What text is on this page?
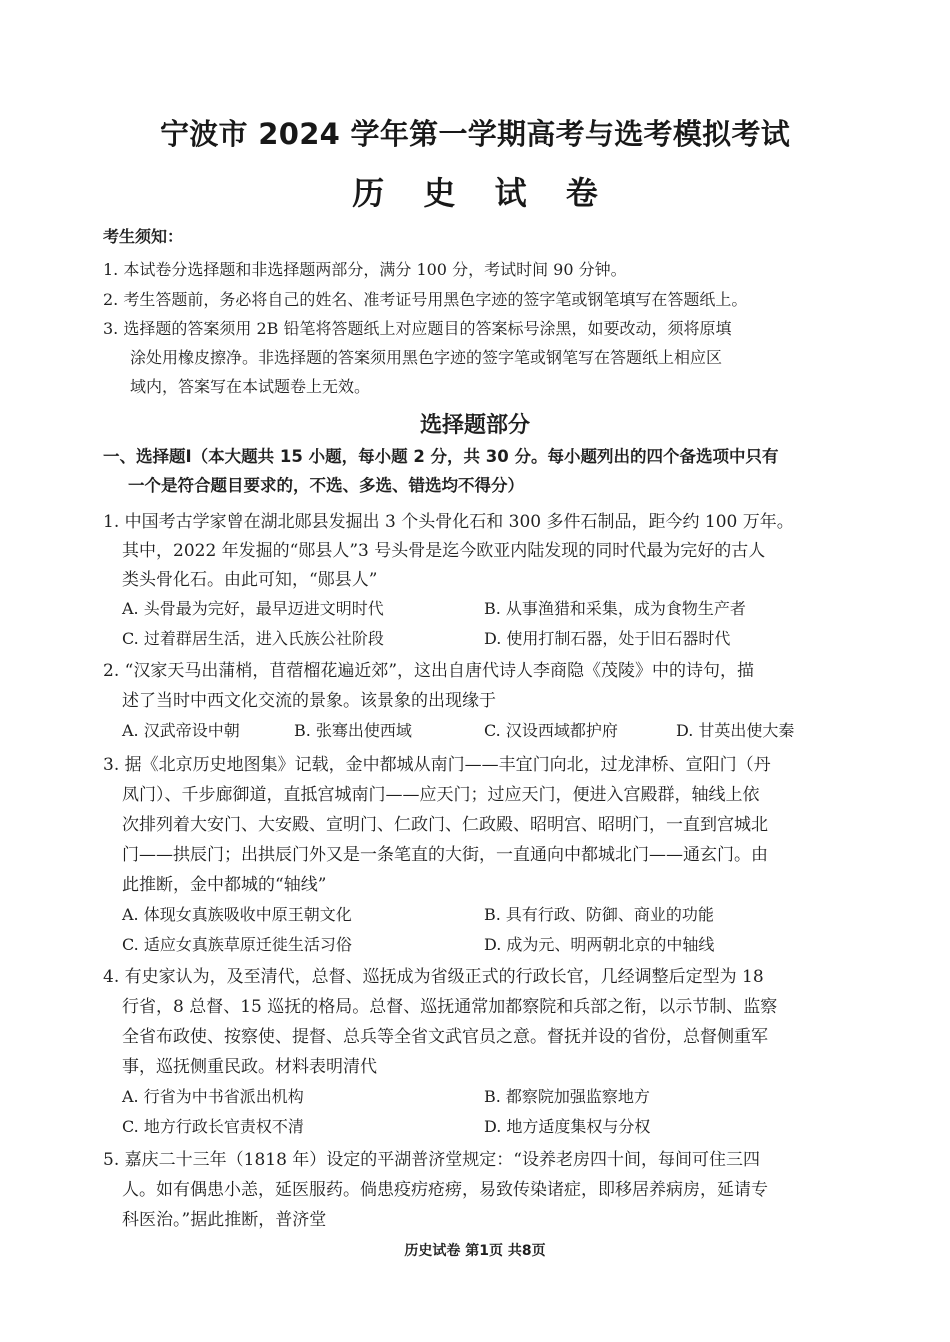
宁波市 2024 学年第一学期高考与选考模拟考试
历 史 试 卷
考生须知：
1. 本试卷分选择题和非选择题两部分，满分 100 分，考试时间 90 分钟。
2. 考生答题前，务必将自己的姓名、准考证号用黑色字迹的签字笔或钢笔填写在答题纸上。
3. 选择题的答案须用 2B 铅笔将答题纸上对应题目的答案标号涂黑，如要改动，须将原填
涂处用橡皮擦净。非选择题的答案须用黑色字迹的签字笔或钢笔写在答题纸上相应区
域内，答案写在本试题卷上无效。
选择题部分
一、选择题Ⅰ（本大题共 15 小题，每小题 2 分，共 30 分。每小题列出的四个备选项中只有
一个是符合题目要求的，不选、多选、错选均不得分）
1. 中国考古学家曾在湖北郧县发掘出 3 个头骨化石和 300 多件石制品，距今约 100 万年。
其中，2022 年发掘的“郧县人”3 号头骨是迄今欧亚内陆发现的同时代最为完好的古人
类头骨化石。由此可知，“郧县人”
A. 头骨最为完好，最早迈进文明时代	B. 从事渔猎和采集，成为食物生产者
C. 过着群居生活，进入氏族公社阶段	D. 使用打制石器，处于旧石器时代
2. “汉家天马出蒲梢，苜蓿榴花遍近郊”，这出自唐代诗人李商隐《茂陵》中的诗句，描
述了当时中西文化交流的景象。该景象的出现缘于
A. 汉武帝设中朝	B. 张骞出使西域	C. 汉设西域都护府	D. 甘英出使大秦
3. 据《北京历史地图集》记载，金中都城从南门——丰宜门向北，过龙津桥、宣阳门（丹
凤门）、千步廊御道，直抵宫城南门——应天门；过应天门，便进入宫殿群，轴线上依
次排列着大安门、大安殿、宣明门、仁政门、仁政殿、昭明宫、昭明门，一直到宫城北
门——拱辰门；出拱辰门外又是一条笔直的大街，一直通向中都城北门——通玄门。由
此推断，金中都城的“轴线”
A. 体现女真族吸收中原王朝文化	B. 具有行政、防御、商业的功能
C. 适应女真族草原迁徙生活习俗	D. 成为元、明两朝北京的中轴线
4. 有史家认为，及至清代，总督、巡抚成为省级正式的行政长官，几经调整后定型为 18
行省，8 总督、15 巡抚的格局。总督、巡抚通常加都察院和兵部之衔，以示节制、监察
全省布政使、按察使、提督、总兵等全省文武官员之意。督抚并设的省份，总督侧重军
事，巡抚侧重民政。材料表明清代
A. 行省为中书省派出机构	B. 都察院加强监察地方
C. 地方行政长官责权不清	D. 地方适度集权与分权
5. 嘉庆二十三年（1818 年）设定的平湖普济堂规定：“设养老房四十间，每间可住三四
人。如有偶患小恙，延医服药。倘患疫疠疮痨，易致传染诸症，即移居养病房，延请专
科医治。”据此推断，普济堂
历史试卷 第1页 共8页
